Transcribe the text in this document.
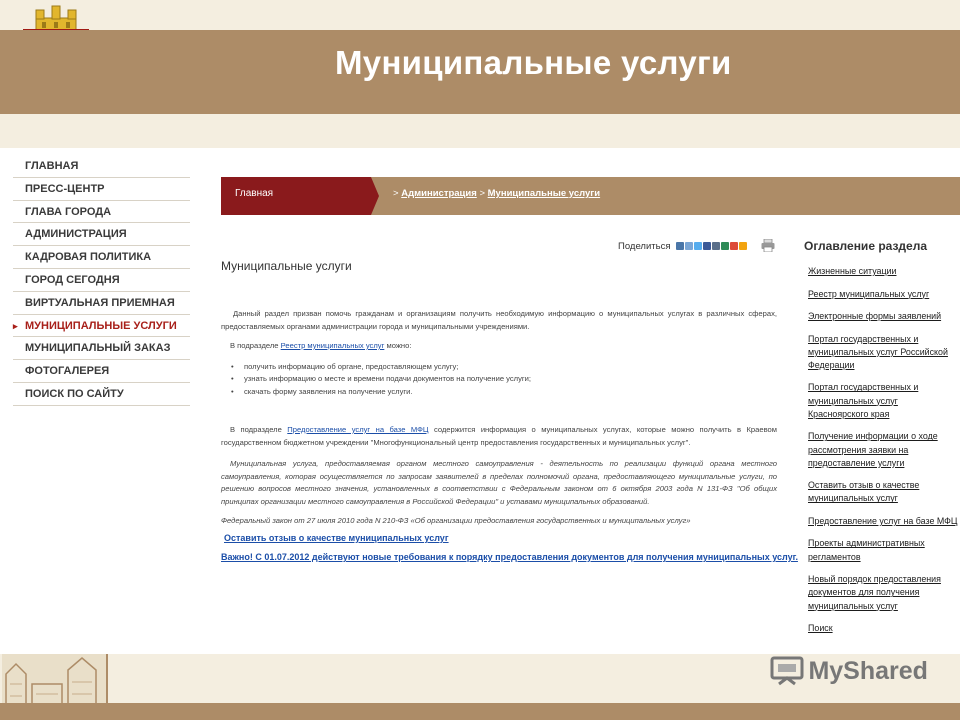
Муниципальные услуги
ГЛАВНАЯ
ПРЕСС-ЦЕНТР
ГЛАВА ГОРОДА
АДМИНИСТРАЦИЯ
КАДРОВАЯ ПОЛИТИКА
ГОРОД СЕГОДНЯ
ВИРТУАЛЬНАЯ ПРИЕМНАЯ
▸ МУНИЦИПАЛЬНЫЕ УСЛУГИ
МУНИЦИПАЛЬНЫЙ ЗАКАЗ
ФОТОГАЛЕРЕЯ
ПОИСК ПО САЙТУ
Главная	> Администрация > Муниципальные услуги
Поделиться
Муниципальные услуги
Данный раздел призван помочь гражданам и организациям получить необходимую информацию о муниципальных услугах в различных сферах, предоставляемых органами администрации города и муниципальными учреждениями.
В подразделе Реестр муниципальных услуг можно:
• получить информацию об органе, предоставляющем услугу;
• узнать информацию о месте и времени подачи документов на получение услуги;
• скачать форму заявления на получение услуги.
В подразделе Предоставление услуг на базе МФЦ содержится информация о муниципальных услугах, которые можно получить в Краевом государственном бюджетном учреждении "Многофункциональный центр предоставления государственных и муниципальных услуг".
Муниципальная услуга, предоставляемая органом местного самоуправления - деятельность по реализации функций органа местного самоуправления, которая осуществляется по запросам заявителей в пределах полномочий органа, предоставляющего муниципальные услуги, по решению вопросов местного значения, установленных в соответствии с Федеральным законом от 6 октября 2003 года N 131-ФЗ "Об общих принципах организации местного самоуправления в Российской Федерации" и уставами муниципальных образований.
Федеральный закон от 27 июля 2010 года N 210-ФЗ «Об организации предоставления государственных и муниципальных услуг»
Оставить отзыв о качестве муниципальных услуг
Важно! С 01.07.2012 действуют новые требования к порядку предоставления документов для получения муниципальных услуг.
Оглавление раздела
Жизненные ситуации
Реестр муниципальных услуг
Электронные формы заявлений
Портал государственных и муниципальных услуг Российской Федерации
Портал государственных и муниципальных услуг Красноярского края
Получение информации о ходе рассмотрения заявки на предоставление услуги
Оставить отзыв о качестве муниципальных услуг
Предоставление услуг на базе МФЦ
Проекты административных регламентов
Новый порядок предоставления документов для получения муниципальных услуг
Поиск
MyShared
